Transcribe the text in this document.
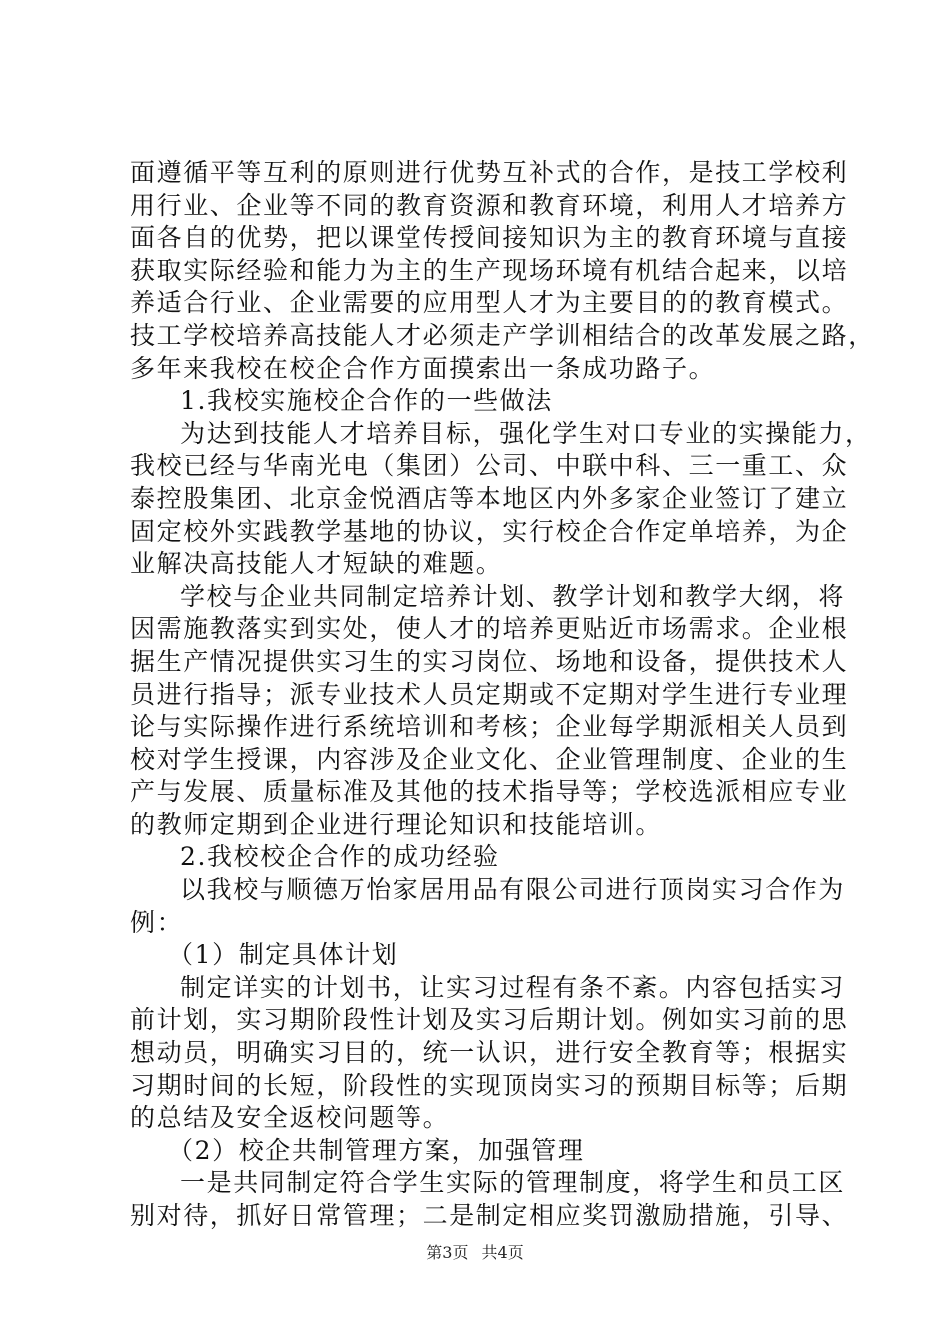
面遵循平等互利的原则进行优势互补式的合作，是技工学校利
用行业、企业等不同的教育资源和教育环境，利用人才培养方
面各自的优势，把以课堂传授间接知识为主的教育环境与直接
获取实际经验和能力为主的生产现场环境有机结合起来，以培
养适合行业、企业需要的应用型人才为主要目的的教育模式。
技工学校培养高技能人才必须走产学训相结合的改革发展之路，
多年来我校在校企合作方面摸索出一条成功路子。
1.我校实施校企合作的一些做法
为达到技能人才培养目标，强化学生对口专业的实操能力，
我校已经与华南光电（集团）公司、中联中科、三一重工、众
泰控股集团、北京金悦酒店等本地区内外多家企业签订了建立
固定校外实践教学基地的协议，实行校企合作定单培养，为企
业解决高技能人才短缺的难题。
学校与企业共同制定培养计划、教学计划和教学大纲，将
因需施教落实到实处，使人才的培养更贴近市场需求。企业根
据生产情况提供实习生的实习岗位、场地和设备，提供技术人
员进行指导；派专业技术人员定期或不定期对学生进行专业理
论与实际操作进行系统培训和考核；企业每学期派相关人员到
校对学生授课，内容涉及企业文化、企业管理制度、企业的生
产与发展、质量标准及其他的技术指导等；学校选派相应专业
的教师定期到企业进行理论知识和技能培训。
2.我校校企合作的成功经验
以我校与顺德万怡家居用品有限公司进行顶岗实习合作为
例：
（1）制定具体计划
制定详实的计划书，让实习过程有条不紊。内容包括实习
前计划，实习期阶段性计划及实习后期计划。例如实习前的思
想动员，明确实习目的，统一认识，进行安全教育等；根据实
习期时间的长短，阶段性的实现顶岗实习的预期目标等；后期
的总结及安全返校问题等。
（2）校企共制管理方案，加强管理
一是共同制定符合学生实际的管理制度，将学生和员工区
别对待，抓好日常管理；二是制定相应奖罚激励措施，引导、
第3页 共4页
